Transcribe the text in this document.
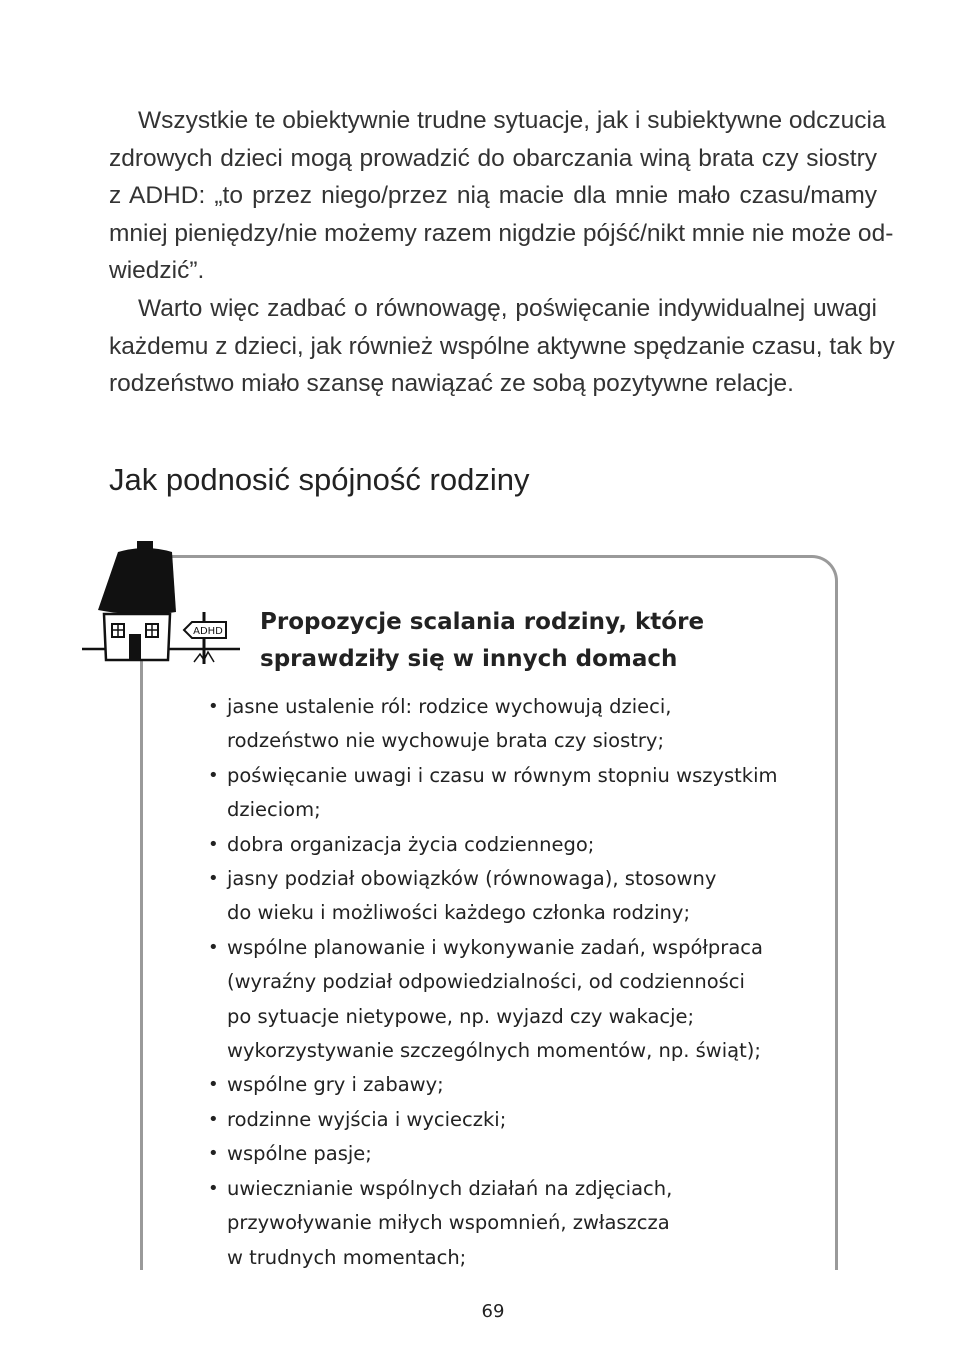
Wszystkie te obiektywnie trudne sytuacje, jak i subiektywne odczucia
zdrowych dzieci mogą prowadzić do obarczania winą brata czy siostry
z ADHD: „to przez niego/przez nią macie dla mnie mało czasu/mamy
mniej pieniędzy/nie możemy razem nigdzie pójść/nikt mnie nie może od-
wiedzić”.
Warto więc zadbać o równowagę, poświęcanie indywidualnej uwagi
każdemu z dzieci, jak również wspólne aktywne spędzanie czasu, tak by
rodzeństwo miało szansę nawiązać ze sobą pozytywne relacje.
Jak podnosić spójność rodziny
ADHD Propozycje scalania rodziny, które
sprawdziły się w innych domach
• jasne ustalenie ról: rodzice wychowują dzieci,
rodzeństwo nie wychowuje brata czy siostry;
• poświęcanie uwagi i czasu w równym stopniu wszystkim
dzieciom;
• dobra organizacja życia codziennego;
• jasny podział obowiązków (równowaga), stosowny
do wieku i możliwości każdego członka rodziny;
• wspólne planowanie i wykonywanie zadań, współpraca
(wyraźny podział odpowiedzialności, od codzienności
po sytuacje nietypowe, np. wyjazd czy wakacje;
wykorzystywanie szczególnych momentów, np. świąt);
• wspólne gry i zabawy;
• rodzinne wyjścia i wycieczki;
• wspólne pasje;
• uwiecznianie wspólnych działań na zdjęciach,
przywoływanie miłych wspomnień, zwłaszcza
w trudnych momentach;
69
